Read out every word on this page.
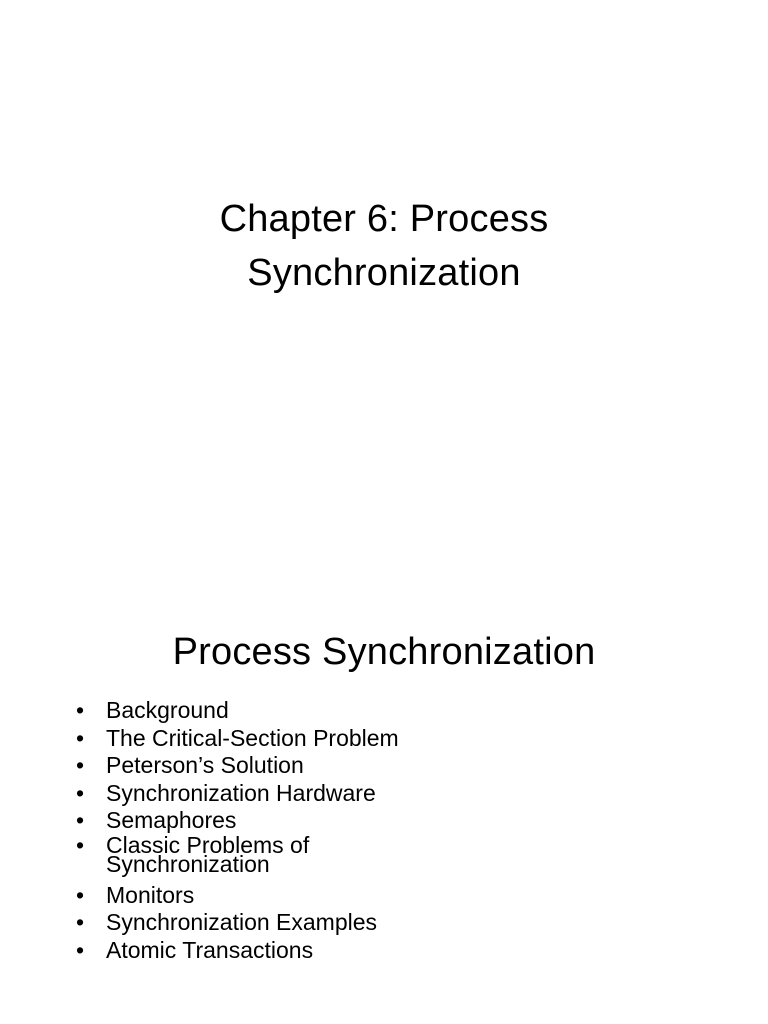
Chapter 6: Process
Synchronization
Process Synchronization
• Background
• The Critical-Section Problem
• Peterson’s Solution
• Synchronization Hardware
• Semaphores
• Classic Problems of
Synchronization
• Monitors
• Synchronization Examples
• Atomic Transactions
